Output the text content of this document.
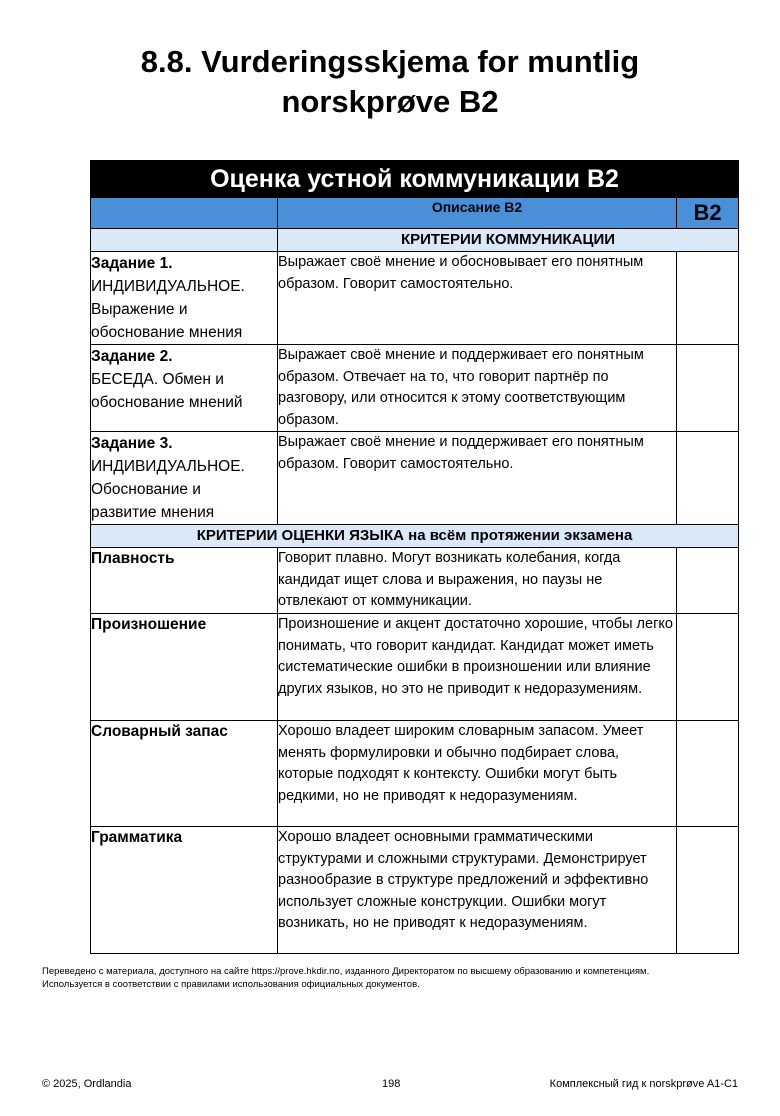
8.8. Vurderingsskjema for muntlig
norskprøve B2
Оценка устной коммуникации B2		
	Описание B2	B2
	КРИТЕРИИ КОММУНИКАЦИИ	

Задание 1.
ИНДИВИДУАЛЬНОЕ.
Выражение и
обоснование мнения	Выражает своё мнение и обосновывает его понятным образом. Говорит самостоятельно.	

Задание 2.
БЕСЕДА. Обмен и
обоснование мнений	Выражает своё мнение и поддерживает его понятным образом. Отвечает на то, что говорит партнёр по разговору, или относится к этому соответствующим образом.	

Задание 3.
ИНДИВИДУАЛЬНОЕ.
Обоснование и
развитие мнения	Выражает своё мнение и поддерживает его понятным образом. Говорит самостоятельно.	
КРИТЕРИИ ОЦЕНКИ ЯЗЫКА на всём протяжении экзамена		
Плавность	Говорит плавно. Могут возникать колебания, когда кандидат ищет слова и выражения, но паузы не отвлекают от коммуникации.	
Произношение	Произношение и акцент достаточно хорошие, чтобы легко понимать, что говорит кандидат. Кандидат может иметь систематические ошибки в произношении или влияние других языков, но это не приводит к недоразумениям.	
Словарный запас	Хорошо владеет широким словарным запасом. Умеет менять формулировки и обычно подбирает слова, которые подходят к контексту. Ошибки могут быть редкими, но не приводят к недоразумениям.	
Грамматика	Хорошо владеет основными грамматическими структурами и сложными структурами. Демонстрирует разнообразие в структуре предложений и эффективно использует сложные конструкции. Ошибки могут возникать, но не приводят к недоразумениям.	
Переведено с материала, доступного на сайте https://prove.hkdir.no, изданного Директоратом по высшему образованию и компетенциям.
Используется в соответствии с правилами использования официальных документов.
© 2025, Ordlandia	198	Комплексный гид к norskprøve A1-C1
